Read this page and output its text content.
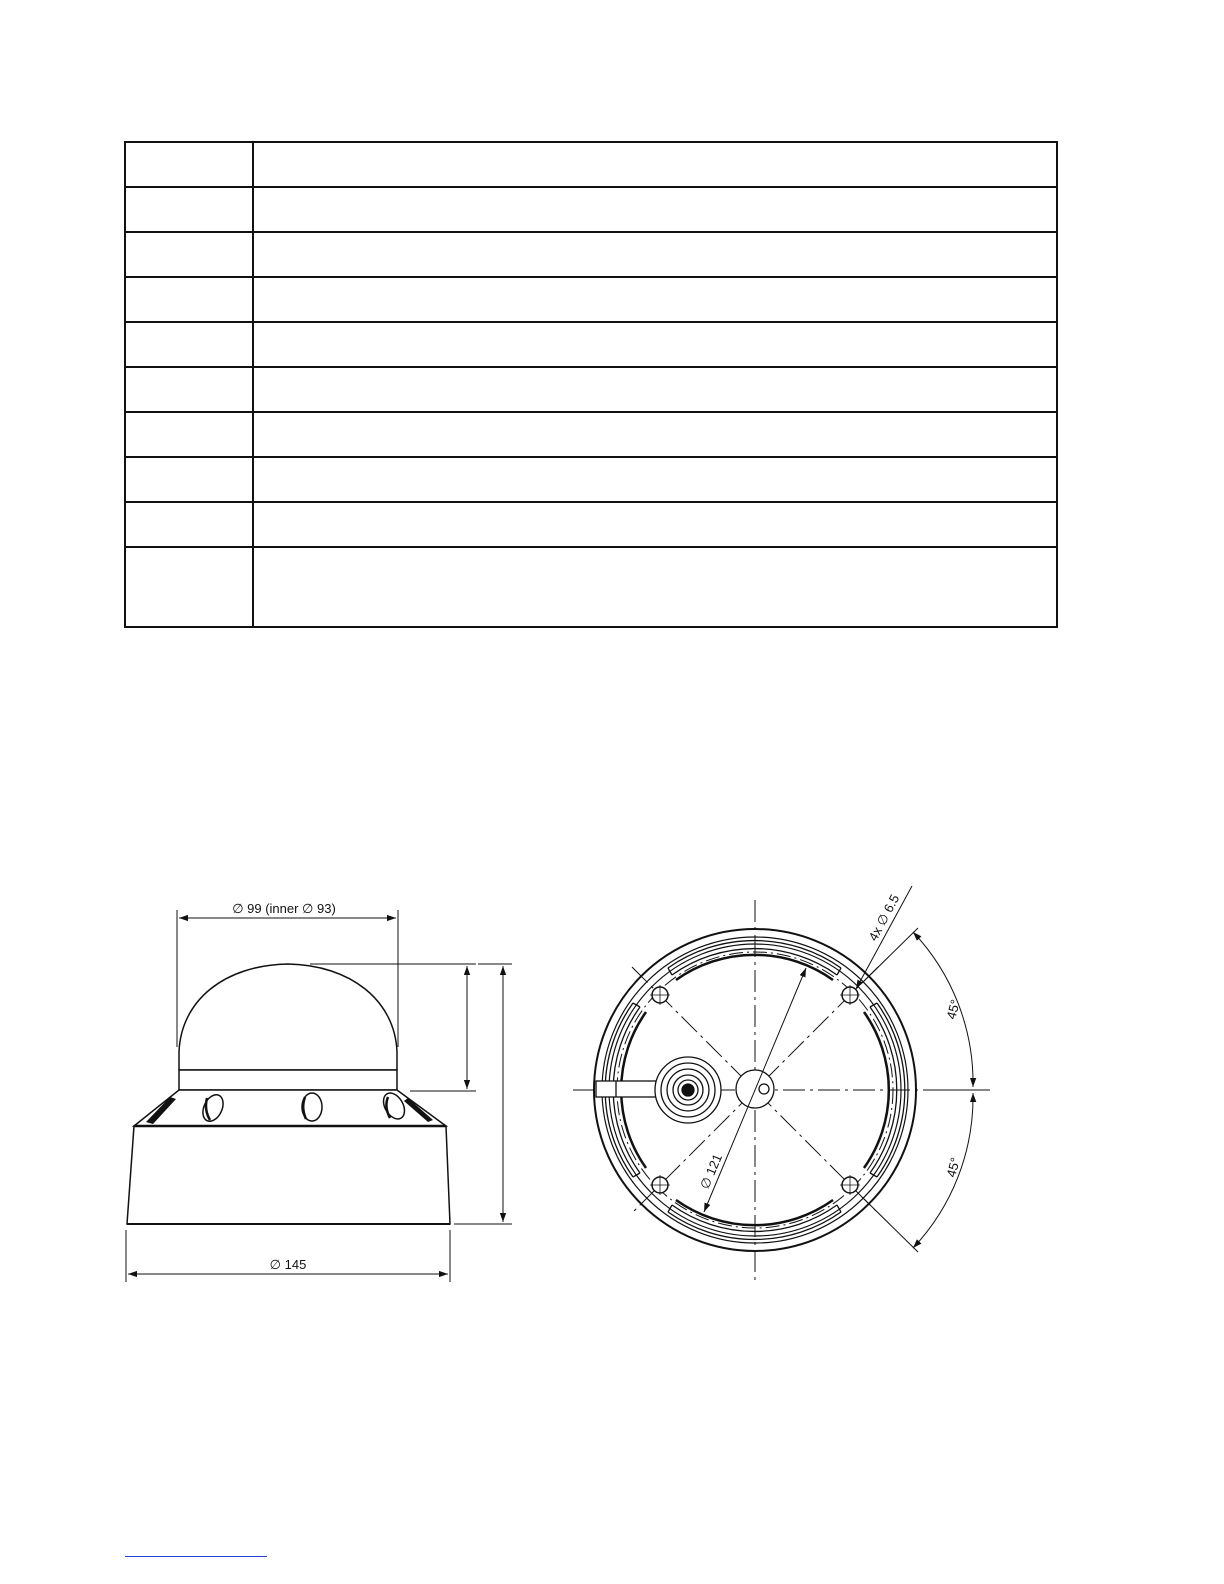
∅ 99 (inner ∅ 93)
∅ 145
4x ∅ 6.5
∅ 121
45°
45°
